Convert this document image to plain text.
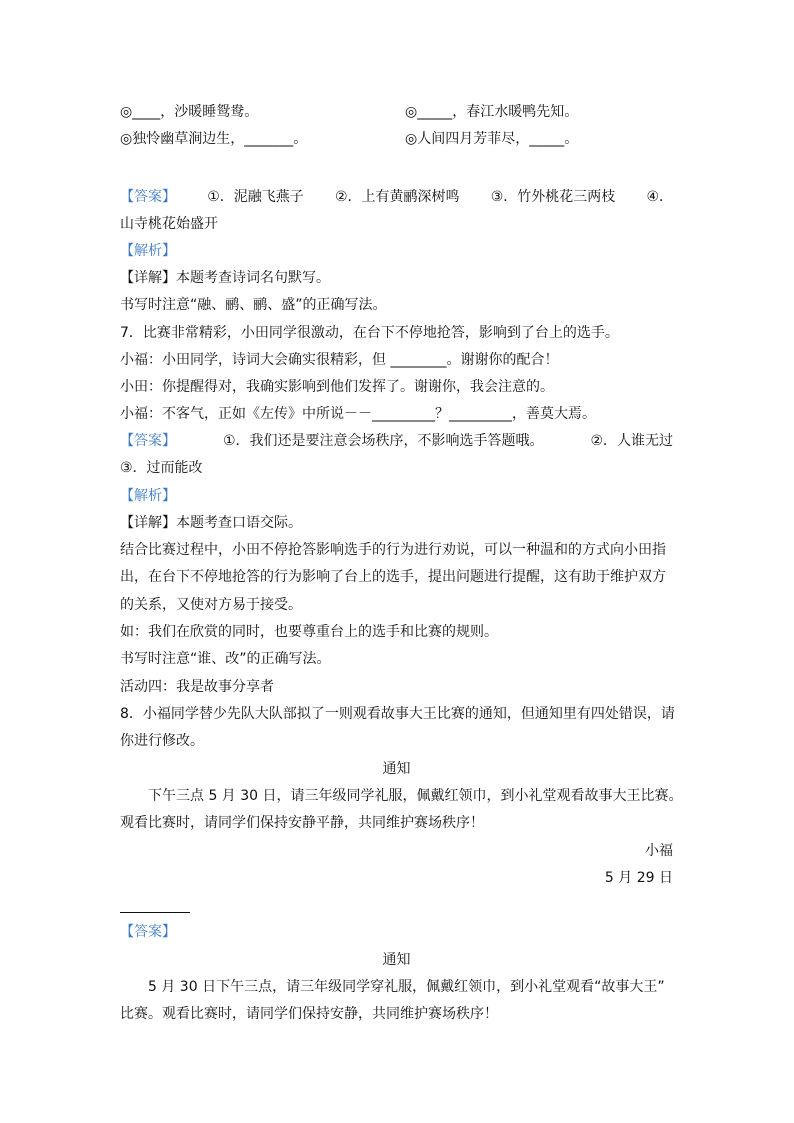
◎____，沙暖睡鸳鸯。	◎_____，春江水暖鸭先知。
◎独怜幽草涧边生，_______。	◎人间四月芳菲尽，_____。
【答案】 ①．泥融飞燕子 ②．上有黄鹂深树鸣 ③．竹外桃花三两枝 ④．
山寺桃花始盛开
【解析】
【详解】本题考查诗词名句默写。
书写时注意“融、鹂、鹂、盛”的正确写法。
7．比赛非常精彩，小田同学很激动，在台下不停地抢答，影响到了台上的选手。
小福：小田同学，诗词大会确实很精彩，但 ________。谢谢你的配合！
小田：你提醒得对，我确实影响到他们发挥了。谢谢你，我会注意的。
小福：不客气，正如《左传》中所说－－_________？_________，善莫大焉。
【答案】	①．我们还是要注意会场秩序，不影响选手答题哦。	②．人谁无过
③．过而能改
【解析】
【详解】本题考查口语交际。
结合比赛过程中，小田不停抢答影响选手的行为进行劝说，可以一种温和的方式向小田指
出，在台下不停地抢答的行为影响了台上的选手，提出问题进行提醒，这有助于维护双方
的关系，又使对方易于接受。
如：我们在欣赏的同时，也要尊重台上的选手和比赛的规则。
书写时注意“谁、改”的正确写法。
活动四：我是故事分享者
8．小福同学替少先队大队部拟了一则观看故事大王比赛的通知，但通知里有四处错误，请
你进行修改。
通知
下午三点 5 月 30 日，请三年级同学礼服，佩戴红领巾，到小礼堂观看故事大王比赛。
观看比赛时，请同学们保持安静平静，共同维护赛场秩序！
小福
5 月 29 日
【答案】
通知
5 月 30 日下午三点，请三年级同学穿礼服，佩戴红领巾，到小礼堂观看“故事大王”
比赛。观看比赛时，请同学们保持安静，共同维护赛场秩序！
